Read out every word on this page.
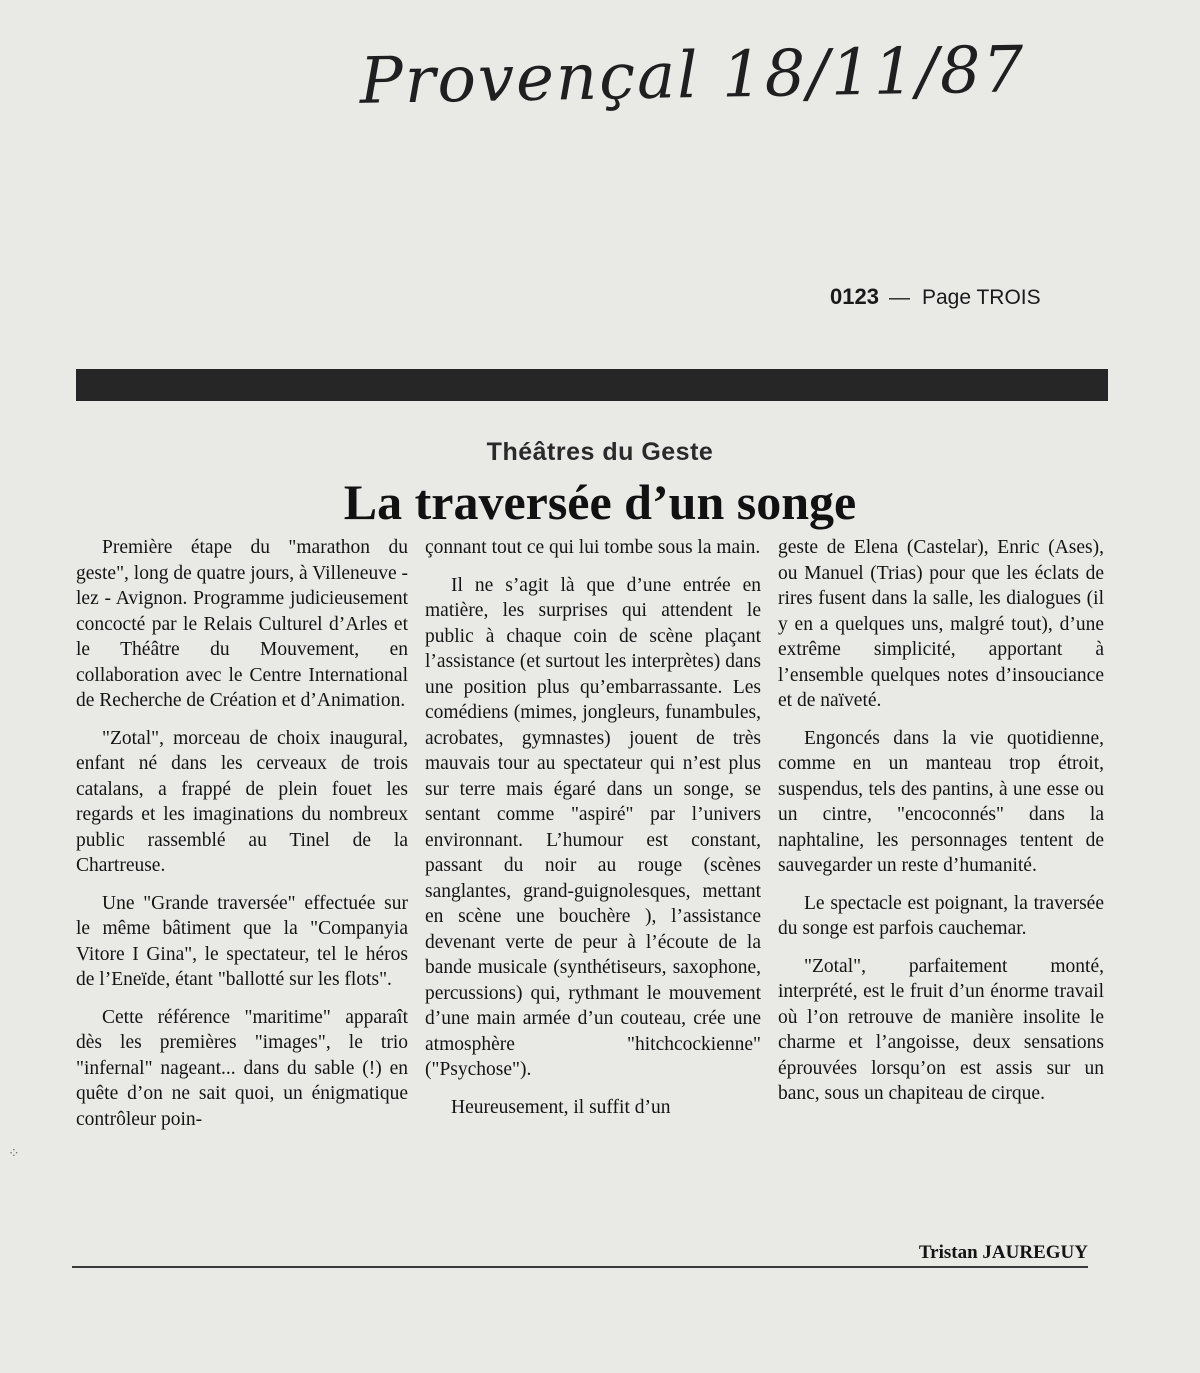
Provençal 18/11/87
0123 — Page TROIS
Théâtres du Geste
La traversée d’un songe

Première étape du "marathon du geste", long de quatre jours, à Villeneuve - lez - Avignon. Programme judicieusement concocté par le Relais Culturel d’Arles et le Théâtre du Mouvement, en collaboration avec le Centre International de Recherche de Création et d’Animation.

"Zotal", morceau de choix inaugural, enfant né dans les cerveaux de trois catalans, a frappé de plein fouet les regards et les imaginations du nombreux public rassemblé au Tinel de la Chartreuse.

Une "Grande traversée" effectuée sur le même bâtiment que la "Companyia Vitore I Gina", le spectateur, tel le héros de l’Eneïde, étant "ballotté sur les flots".

Cette référence "maritime" apparaît dès les premières "images", le trio "infernal" nageant... dans du sable (!) en quête d’on ne sait quoi, un énigmatique contrôleur poin-

çonnant tout ce qui lui tombe sous la main.

Il ne s’agit là que d’une entrée en matière, les surprises qui attendent le public à chaque coin de scène plaçant l’assistance (et surtout les interprètes) dans une position plus qu’embarrassante. Les comédiens (mimes, jongleurs, funambules, acrobates, gymnastes) jouent de très mauvais tour au spectateur qui n’est plus sur terre mais égaré dans un songe, se sentant comme "aspiré" par l’univers environnant. L’humour est constant, passant du noir au rouge (scènes sanglantes, grand-guignolesques, mettant en scène une bouchère ), l’assistance devenant verte de peur à l’écoute de la bande musicale (synthétiseurs, saxophone, percussions) qui, rythmant le mouvement d’une main armée d’un couteau, crée une atmosphère "hitchcockienne" ("Psychose").

Heureusement, il suffit d’un

geste de Elena (Castelar), Enric (Ases), ou Manuel (Trias) pour que les éclats de rires fusent dans la salle, les dialogues (il y en a quelques uns, malgré tout), d’une extrême simplicité, apportant à l’ensemble quelques notes d’insouciance et de naïveté.

Engoncés dans la vie quotidienne, comme en un manteau trop étroit, suspendus, tels des pantins, à une esse ou un cintre, "encoconnés" dans la naphtaline, les personnages tentent de sauvegarder un reste d’humanité.

Le spectacle est poignant, la traversée du songe est parfois cauchemar.

"Zotal", parfaitement monté, interprété, est le fruit d’un énorme travail où l’on retrouve de manière insolite le charme et l’angoisse, deux sensations éprouvées lorsqu’on est assis sur un banc, sous un chapiteau de cirque.

Tristan JAUREGUY
⁘
